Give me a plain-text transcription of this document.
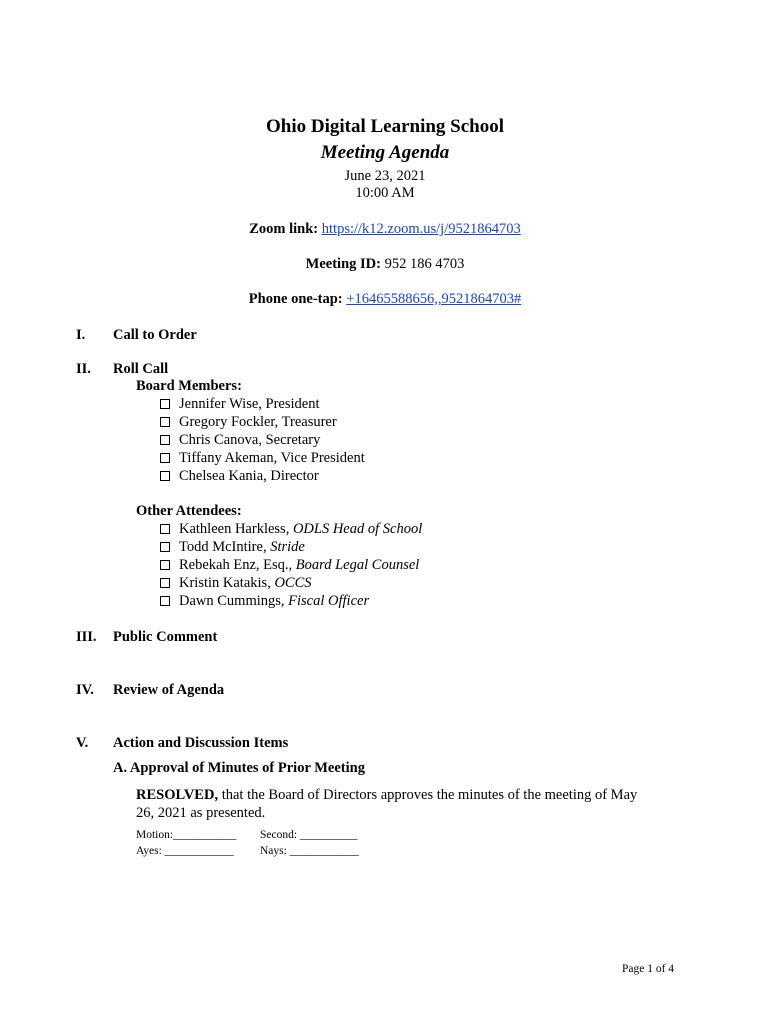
Ohio Digital Learning School
Meeting Agenda
June 23, 2021
10:00 AM
Zoom link: https://k12.zoom.us/j/9521864703
Meeting ID: 952 186 4703
Phone one-tap: +16465588656,,9521864703#
I.	Call to Order
II.	Roll Call
Board Members:
Jennifer Wise, President
Gregory Fockler, Treasurer
Chris Canova, Secretary
Tiffany Akeman, Vice President
Chelsea Kania, Director
Other Attendees:
Kathleen Harkless, ODLS Head of School
Todd McIntire, Stride
Rebekah Enz, Esq., Board Legal Counsel
Kristin Katakis, OCCS
Dawn Cummings, Fiscal Officer
III.	Public Comment
IV.	Review of Agenda
V.	Action and Discussion Items
A. Approval of Minutes of Prior Meeting
RESOLVED, that the Board of Directors approves the minutes of the meeting of May
26, 2021 as presented.
Motion:___________ Second: __________
Ayes: ____________ Nays: ____________
Page 1 of 4
